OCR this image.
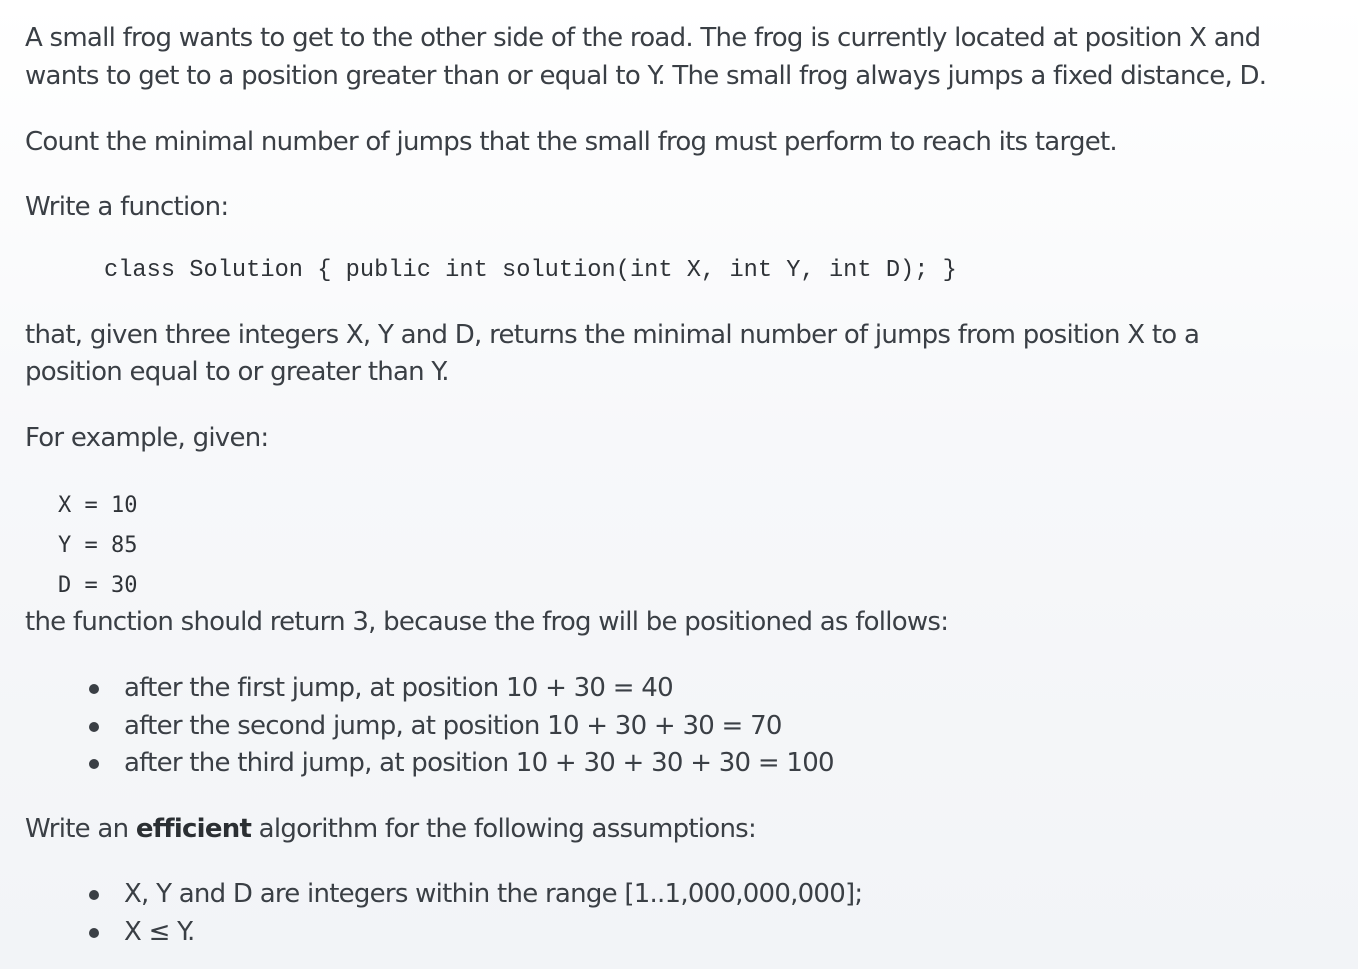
A small frog wants to get to the other side of the road. The frog is currently located at position X and

wants to get to a position greater than or equal to Y. The small frog always jumps a fixed distance, D.

Count the minimal number of jumps that the small frog must perform to reach its target.

Write a function:

class Solution { public int solution(int X, int Y, int D); }

that, given three integers X, Y and D, returns the minimal number of jumps from position X to a

position equal to or greater than Y.

For example, given:

X = 10
Y = 85
D = 30

the function should return 3, because the frog will be positioned as follows:

after the first jump, at position 10 + 30 = 40
after the second jump, at position 10 + 30 + 30 = 70
after the third jump, at position 10 + 30 + 30 + 30 = 100

Write an efficient algorithm for the following assumptions:

X, Y and D are integers within the range [1..1,000,000,000];
X ≤ Y.
